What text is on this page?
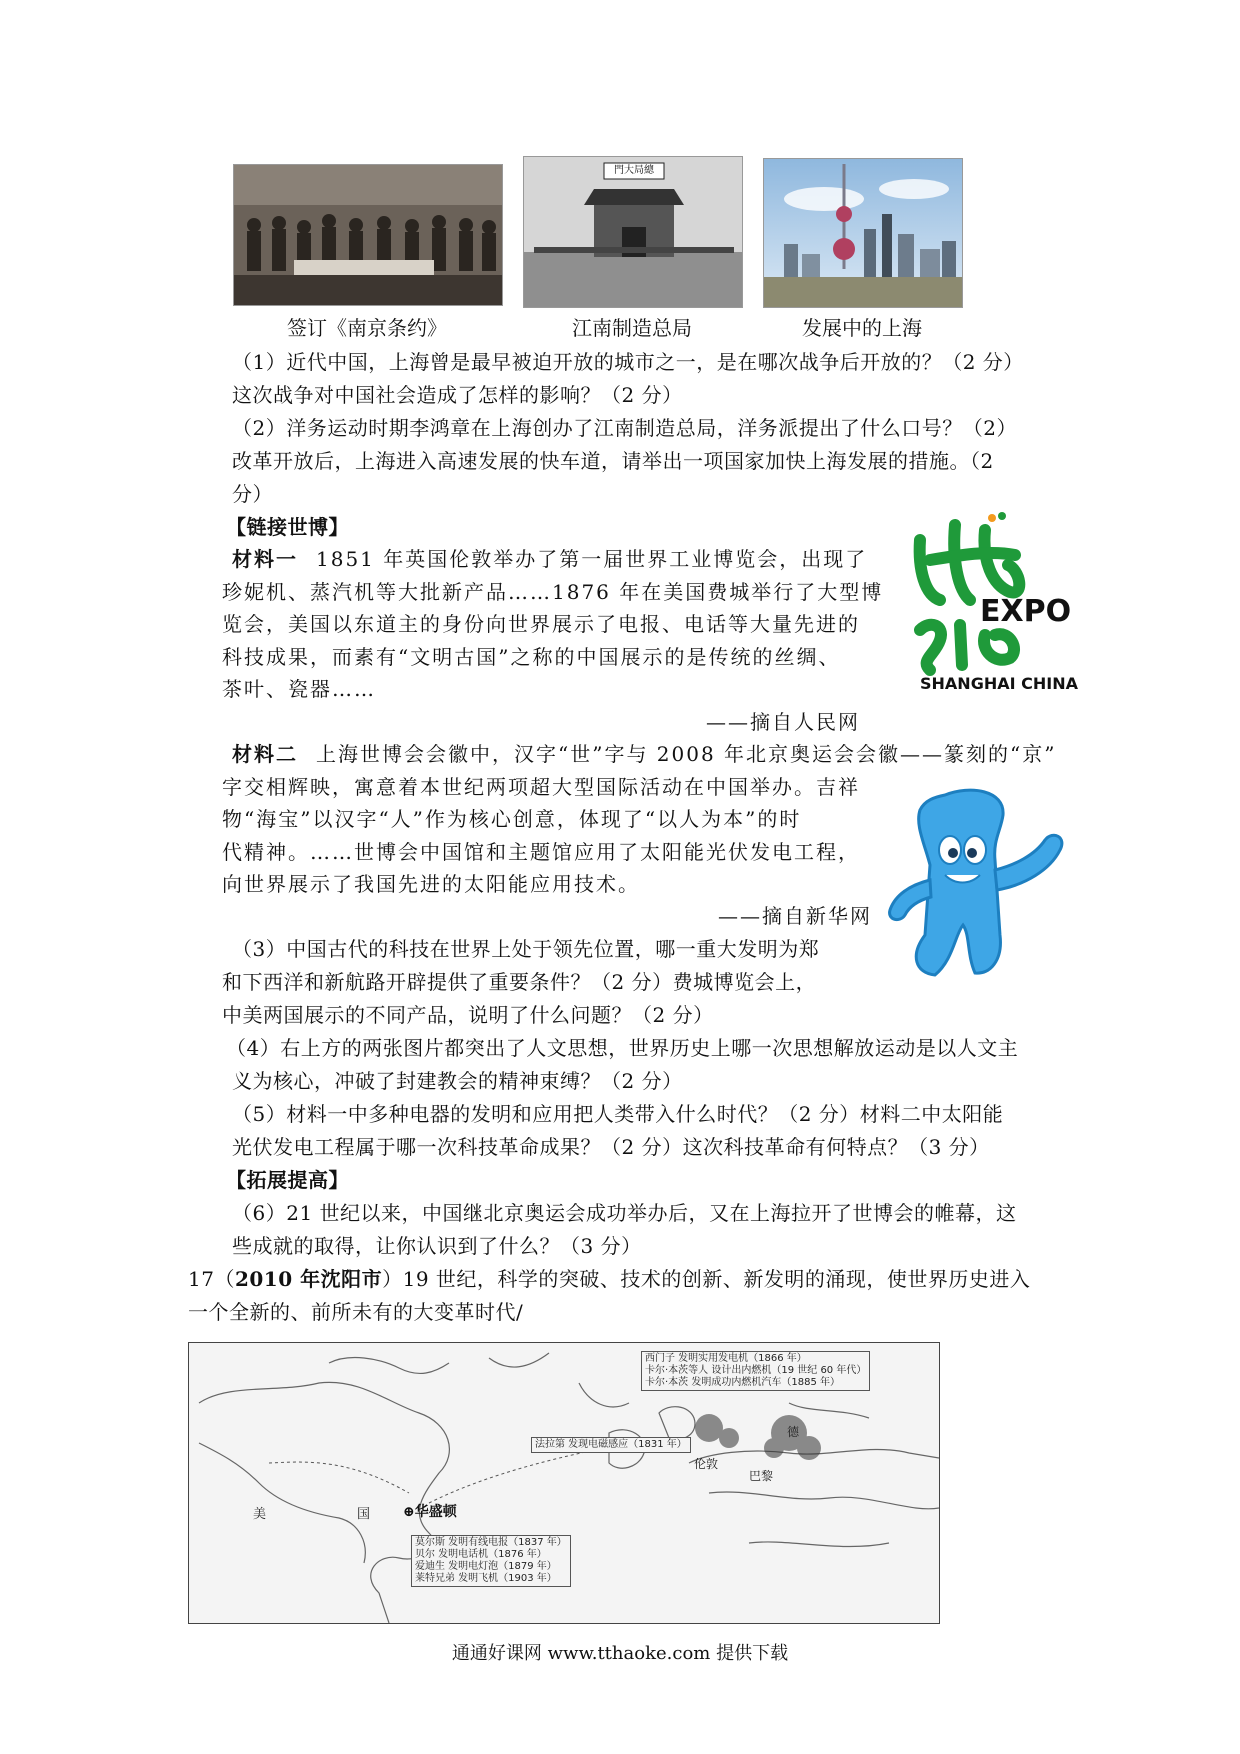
門大局總
签订《南京条约》	江南制造总局	发展中的上海
（1）近代中国，上海曾是最早被迫开放的城市之一，是在哪次战争后开放的？（2 分）
这次战争对中国社会造成了怎样的影响？（2 分）
（2）洋务运动时期李鸿章在上海创办了江南制造总局，洋务派提出了什么口号？（2）
改革开放后，上海进入高速发展的快车道，请举出一项国家加快上海发展的措施。（2
分）
【链接世博】
材料一 1851 年英国伦敦举办了第一届世界工业博览会，出现了
珍妮机、蒸汽机等大批新产品……1876 年在美国费城举行了大型博
览会，美国以东道主的身份向世界展示了电报、电话等大量先进的
科技成果，而素有“文明古国”之称的中国展示的是传统的丝绸、
茶叶、瓷器……
——摘自人民网
EXPO
SHANGHAI CHINA
材料二 上海世博会会徽中，汉字“世”字与 2008 年北京奥运会会徽——篆刻的“京”
字交相辉映，寓意着本世纪两项超大型国际活动在中国举办。吉祥
物“海宝”以汉字“人”作为核心创意，体现了“以人为本”的时
代精神。……世博会中国馆和主题馆应用了太阳能光伏发电工程，
向世界展示了我国先进的太阳能应用技术。
——摘自新华网
（3）中国古代的科技在世界上处于领先位置，哪一重大发明为郑
和下西洋和新航路开辟提供了重要条件？（2 分）费城博览会上，
中美两国展示的不同产品，说明了什么问题？（2 分）
（4）右上方的两张图片都突出了人文思想，世界历史上哪一次思想解放运动是以人文主
义为核心，冲破了封建教会的精神束缚？（2 分）
（5）材料一中多种电器的发明和应用把人类带入什么时代？（2 分）材料二中太阳能
光伏发电工程属于哪一次科技革命成果？（2 分）这次科技革命有何特点？（3 分）
【拓展提高】
（6）21 世纪以来，中国继北京奥运会成功举办后，又在上海拉开了世博会的帷幕，这
些成就的取得，让你认识到了什么？（3 分）
17（2010 年沈阳市）19 世纪，科学的突破、技术的创新、新发明的涌现，使世界历史进入
一个全新的、前所未有的大变革时代/
西门子 发明实用发电机（1866 年）
卡尔·本茨等人 设计出内燃机（19 世纪 60 年代）
卡尔·本茨 发明成功内燃机汽车（1885 年）
法拉第 发现电磁感应（1831 年）
伦敦
巴黎
德
美	国 ⊕华盛顿
莫尔斯 发明有线电报（1837 年）
贝尔 发明电话机（1876 年）
爱迪生 发明电灯泡（1879 年）
莱特兄弟 发明飞机（1903 年）
通通好课网 www.tthaoke.com 提供下载
